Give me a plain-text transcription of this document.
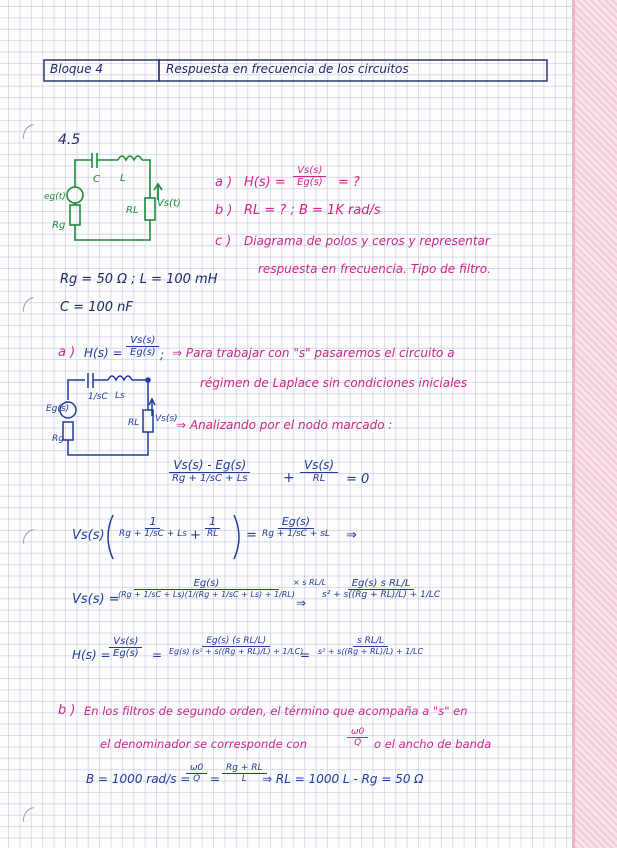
Bloque 4	Respuesta en frecuencia de los circuitos
4.5
eg(t)
C L
RL
Rg
Vs(t)
a ) $H(s) = \frac{Vs(s)}{Eg(s)}$ = ?
b ) RL = ? ; B = 1K rad/s
c ) Diagrama de polos y ceros y representar
respuesta en frecuencia. Tipo de filtro.
Rg = 50 Ω ; L = 100 mH
C = 100 nF
a ) $H(s) = \frac{Vs(s)}{Eg(s)}$ ; ⇒ Para trabajar con "s" pasaremos el circuito a
régimen de Laplace sin condiciones iniciales
⇒ Analizando por el nodo marcado :
Eg(s)
1/sC Ls
RL
Rg
Vs(s)
Vs(s) - Eg(s)
Rg + 1/sC + Ls	+
Vs(s)
RL	= 0
Vs(s)
1
Rg + 1/sC + Ls +
1
RL	=
Eg(s)
Rg + 1/sC + sL	⇒
Vs(s) =
Eg(s)
(Rg + 1/sC + Ls)(1/(Rg + 1/sC + Ls) + 1/RL)
× s RL/L
⇒
$\frac{\text{Eg(s) s RL/L}}{\text{s² + s((Rg + RL)/L) + 1/LC}}$
H(s) =
$\frac{Vs(s)}{Eg(s)} = \frac{\text{Eg(s) (s RL/L)}}{\text{Eg(s) (s² + s((Rg + RL)/L) + 1/LC)}}$
= $\frac{\text{s RL/L}}{\text{s² + s((Rg + RL)/L) + 1/LC}}$
b ) En los filtros de segundo orden, el término que acompaña a "s" en
el denominador se corresponde con	$\frac{\omega 0}{Q}$ o el ancho de banda
B = 1000 rad/s =
$\frac{\omega 0}{Q} = \frac{Rg + RL}{L}$
⇒ RL = 1000 L - Rg = 50 Ω
